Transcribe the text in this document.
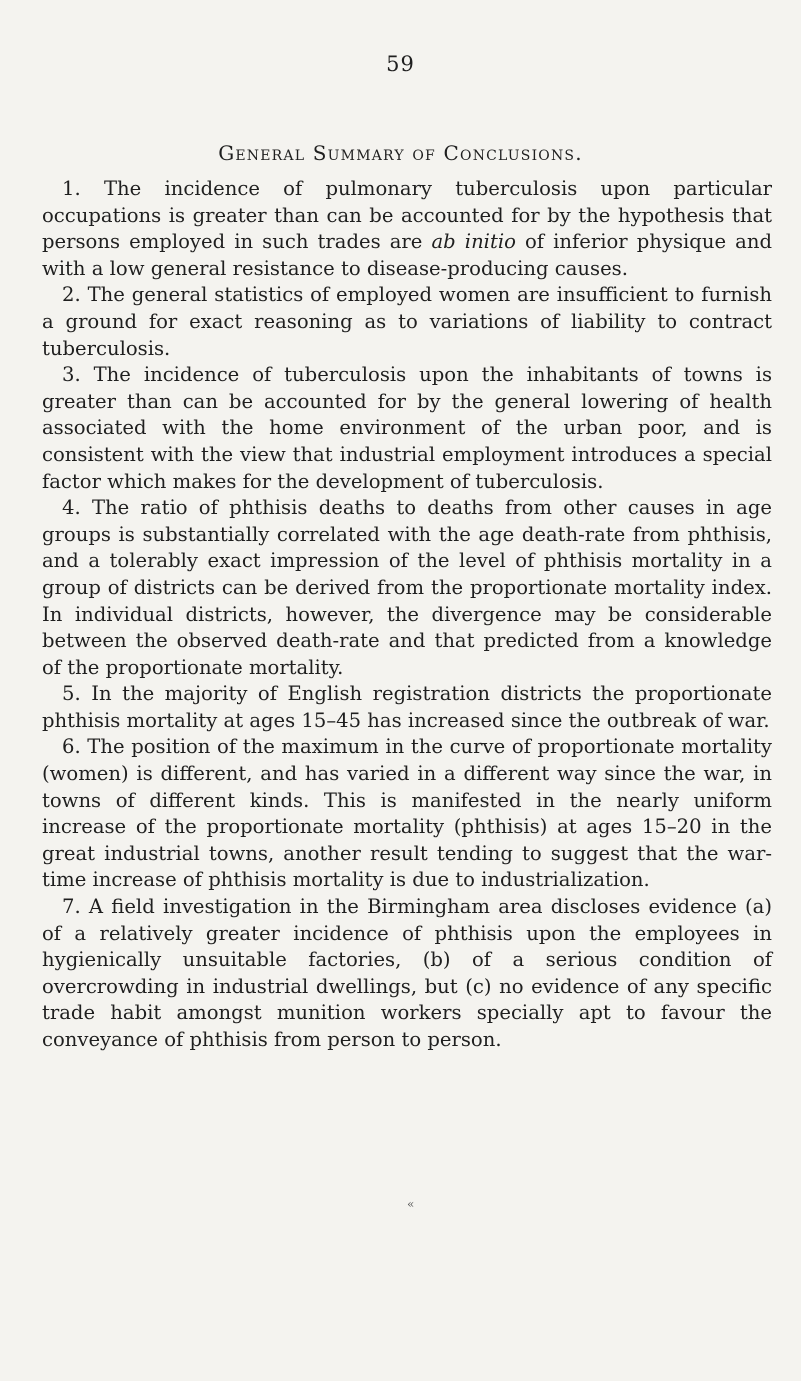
59
General Summary of Conclusions.

1. The incidence of pulmonary tuberculosis upon particular occupations is greater than can be accounted for by the hypothesis that persons employed in such trades are ab initio of inferior physique and with a low general resistance to disease-producing causes.

2. The general statistics of employed women are insufficient to furnish a ground for exact reasoning as to variations of liability to contract tuberculosis.

3. The incidence of tuberculosis upon the inhabitants of towns is greater than can be accounted for by the general lowering of health associated with the home environment of the urban poor, and is consistent with the view that industrial employment introduces a special factor which makes for the development of tuberculosis.

4. The ratio of phthisis deaths to deaths from other causes in age groups is substantially correlated with the age death-rate from phthisis, and a tolerably exact impression of the level of phthisis mortality in a group of districts can be derived from the proportionate mortality index. In individual districts, however, the divergence may be considerable between the observed death-rate and that predicted from a knowledge of the proportionate mortality.

5. In the majority of English registration districts the proportionate phthisis mortality at ages 15–45 has increased since the outbreak of war.

6. The position of the maximum in the curve of proportionate mortality (women) is different, and has varied in a different way since the war, in towns of different kinds. This is manifested in the nearly uniform increase of the proportionate mortality (phthisis) at ages 15–20 in the great industrial towns, another result tending to suggest that the war-time increase of phthisis mortality is due to industrialization.

7. A field investigation in the Birmingham area discloses evidence (a) of a relatively greater incidence of phthisis upon the employees in hygienically unsuitable factories, (b) of a serious condition of overcrowding in industrial dwellings, but (c) no evidence of any specific trade habit amongst munition workers specially apt to favour the conveyance of phthisis from person to person.

«
